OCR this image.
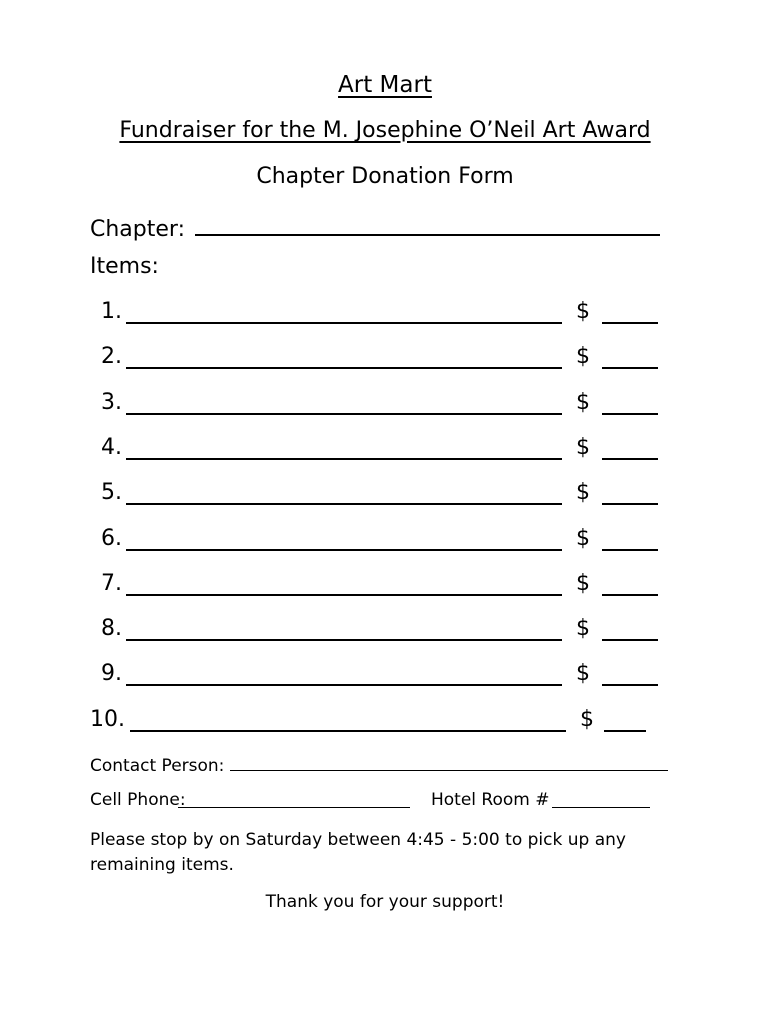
Art Mart
Fundraiser for the M. Josephine O’Neil Art Award
Chapter Donation Form
Chapter:
Items:
1.	$
2.	$
3.	$
4.	$
5.	$
6.	$
7.	$
8.	$
9.	$
10.	$
Contact Person:
Cell Phone:	Hotel Room #
Please stop by on Saturday between 4:45 - 5:00 to pick up any remaining items.
Thank you for your support!
